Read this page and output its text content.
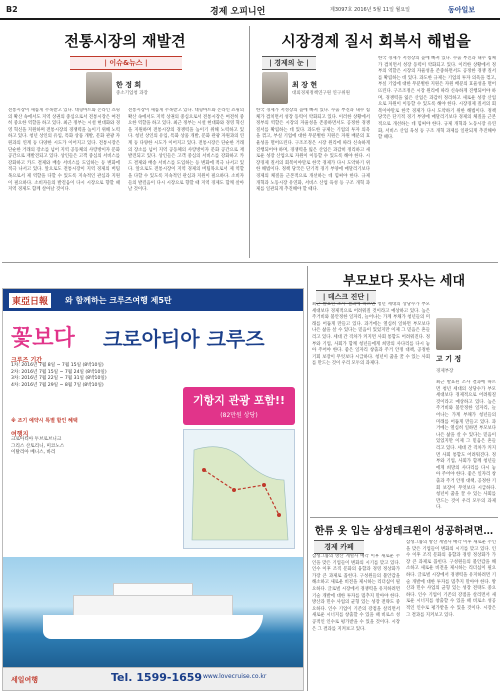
B2	경제 오피니언	제3097호 2016년 5월 11일 월요일	동아일보
전통시장의 재발견
| 이슈&뉴스 |
한 정 희
중소기업청 과장
전통시장이 새롭게 주목받고 있다. 대형마트와 온라인 쇼핑의 확산 속에서도 지역 상권의 중심으로서 전통시장은 여전히 중요한 역할을 하고 있다. 최근 정부는 시설 현대화와 경영 혁신을 지원하며 전통시장의 경쟁력을 높이기 위해 노력하고 있다. 청년 상인의 유입, 특화 상품 개발, 문화 관광 자원과의 연계 등 다양한 시도가 이어지고 있다. 전통시장은 단순한 거래의 장소를 넘어 지역 공동체의 사랑방이자 문화 공간으로 재발견되고 있다. 상인들은 고객 중심의 서비스를 강화하고 카드 결제와 배송 서비스를 도입하는 등 변화에 적극 나서고 있다. 앞으로도 전통시장이 지역 경제의 버팀목으로서 제 역할을 다할 수 있도록 지속적인 관심과 지원이 필요하다. 소비자들의 발걸음이 다시 시장으로 향할 때 지역 경제도 함께 살아날 것이다.
전통시장이 새롭게 주목받고 있다. 대형마트와 온라인 쇼핑의 확산 속에서도 지역 상권의 중심으로서 전통시장은 여전히 중요한 역할을 하고 있다. 최근 정부는 시설 현대화와 경영 혁신을 지원하며 전통시장의 경쟁력을 높이기 위해 노력하고 있다. 청년 상인의 유입, 특화 상품 개발, 문화 관광 자원과의 연계 등 다양한 시도가 이어지고 있다. 전통시장은 단순한 거래의 장소를 넘어 지역 공동체의 사랑방이자 문화 공간으로 재발견되고 있다. 상인들은 고객 중심의 서비스를 강화하고 카드 결제와 배송 서비스를 도입하는 등 변화에 적극 나서고 있다. 앞으로도 전통시장이 지역 경제의 버팀목으로서 제 역할을 다할 수 있도록 지속적인 관심과 지원이 필요하다. 소비자들의 발걸음이 다시 시장으로 향할 때 지역 경제도 함께 살아날 것이다.
시장경제 질서 회복서 해법을
| 경제의 눈 |
최 장 현
대외경제정책연구원 연구위원
한국 경제가 저성장의 늪에 빠져 있다. 수출 부진과 내수 침체가 겹치면서 성장 동력이 약화되고 있다. 이러한 상황에서 정부의 역할은 시장의 자율성을 존중하면서도 공정한 경쟁 질서를 확립하는 데 있다. 과도한 규제는 기업의 투자 의욕을 꺾고, 부실 기업에 대한 무분별한 지원은 자원 배분의 효율성을 떨어뜨린다. 구조조정은 시장 원리에 따라 신속하게 진행되어야 하며, 경쟁력을 잃은 산업은 과감히 정리하고 새로운 성장 산업으로 자원이 이동할 수 있도록 해야 한다. 시장경제 질서의 회복이야말로 한국 경제가 다시 도약하기 위한 해법이다. 정책 당국은 단기적 경기 부양에 매달리기보다 경제의 체질을 근본적으로 개선하는 데 힘써야 한다. 규제 개혁과 노동시장 유연화, 서비스 산업 육성 등 구조 개혁 과제를 일관되게 추진해야 할 때다.
한국 경제가 저성장의 늪에 빠져 있다. 수출 부진과 내수 침체가 겹치면서 성장 동력이 약화되고 있다. 이러한 상황에서 정부의 역할은 시장의 자율성을 존중하면서도 공정한 경쟁 질서를 확립하는 데 있다. 과도한 규제는 기업의 투자 의욕을 꺾고, 부실 기업에 대한 무분별한 지원은 자원 배분의 효율성을 떨어뜨린다. 구조조정은 시장 원리에 따라 신속하게 진행되어야 하며, 경쟁력을 잃은 산업은 과감히 정리하고 새로운 성장 산업으로 자원이 이동할 수 있도록 해야 한다. 시장경제 질서의 회복이야말로 한국 경제가 다시 도약하기 위한 해법이다. 정책 당국은 단기적 경기 부양에 매달리기보다 경제의 체질을 근본적으로 개선하는 데 힘써야 한다. 규제 개혁과 노동시장 유연화, 서비스 산업 육성 등 구조 개혁 과제를 일관되게 추진해야 할 때다.
東亞日報	와 함께하는 크루즈여행 제5탄
꽃보다 크로아티아 크루즈
크루즈 기간
1차: 2016년 7월 8일 ~ 7월 15일 (8박10일)
2차: 2016년 7월 15일 ~ 7월 24일 (8박10일)
3차: 2016년 7월 22일 ~ 7월 31일 (8박10일)
4차: 2016년 7월 29일 ~ 8월 7일 (8박10일)
여행지
크로아티아 두브로브니크
그리스 산토리니, 미코노스
이탈리아 베니스, 바리
※ 조기 예약시 특별 할인 혜택
기항지 관광 포함!!
(82만원 상당)
세일여행	Tel. 1599-1659 www.lovecruise.co.kr
부모보다 못사는 세대
| 데스크 진단 |
최근 발표된 조사 결과에 따르면 청년 세대의 상당수가 부모 세대보다 경제적으로 어려워질 것이라고 예상하고 있다. 높은 주거비와 불안정한 일자리, 늘어나는 가계 부채가 청년들의 미래를 어둡게 만들고 있다. 과거에는 열심히 일하면 부모보다 나은 삶을 살 수 있다는 믿음이 있었지만 이제 그 믿음은 흔들리고 있다. 세대 간 격차가 커지면 사회 통합도 어려워진다. 정부와 기업, 사회가 함께 청년들에게 희망의 사다리를 다시 놓아 주어야 한다. 좋은 일자리 창출과 주거 안정 대책, 공정한 기회 보장이 무엇보다 시급하다. 청년이 꿈을 꿀 수 있는 사회를 만드는 것이 우리 모두의 과제다.
고 기 정
경제부장
최근 발표된 조사 결과에 따르면 청년 세대의 상당수가 부모 세대보다 경제적으로 어려워질 것이라고 예상하고 있다. 높은 주거비와 불안정한 일자리, 늘어나는 가계 부채가 청년들의 미래를 어둡게 만들고 있다. 과거에는 열심히 일하면 부모보다 나은 삶을 살 수 있다는 믿음이 있었지만 이제 그 믿음은 흔들리고 있다. 세대 간 격차가 커지면 사회 통합도 어려워진다. 정부와 기업, 사회가 함께 청년들에게 희망의 사다리를 다시 놓아 주어야 한다. 좋은 일자리 창출과 주거 안정 대책, 공정한 기회 보장이 무엇보다 시급하다. 청년이 꿈을 꿀 수 있는 사회를 만드는 것이 우리 모두의 과제다.
한류 옷 입는 삼성테크윈이 성공하려면…
경제 카페
삼성그룹의 방산 계열사 매각 이후 새로운 주인을 맞은 기업들이 변화의 시기를 맞고 있다. 인수 이후 조직 문화의 융합과 경영 정상화가 가장 큰 과제로 꼽힌다. 구성원들의 불안감을 해소하고 새로운 비전을 제시하는 리더십이 필요하다. 글로벌 시장에서 경쟁력을 유지하려면 기술 개발에 대한 투자를 멈추지 말아야 한다. 방산과 민수 사업의 균형 있는 성장 전략도 중요하다. 인수 기업이 기존의 강점을 살리면서 새로운 시너지를 창출할 수 있을 때 비로소 성공적인 인수로 평가받을 수 있을 것이다. 시장은 그 결과를 지켜보고 있다.
삼성그룹의 방산 계열사 매각 이후 새로운 주인을 맞은 기업들이 변화의 시기를 맞고 있다. 인수 이후 조직 문화의 융합과 경영 정상화가 가장 큰 과제로 꼽힌다. 구성원들의 불안감을 해소하고 새로운 비전을 제시하는 리더십이 필요하다. 글로벌 시장에서 경쟁력을 유지하려면 기술 개발에 대한 투자를 멈추지 말아야 한다. 방산과 민수 사업의 균형 있는 성장 전략도 중요하다. 인수 기업이 기존의 강점을 살리면서 새로운 시너지를 창출할 수 있을 때 비로소 성공적인 인수로 평가받을 수 있을 것이다. 시장은 그 결과를 지켜보고 있다.
